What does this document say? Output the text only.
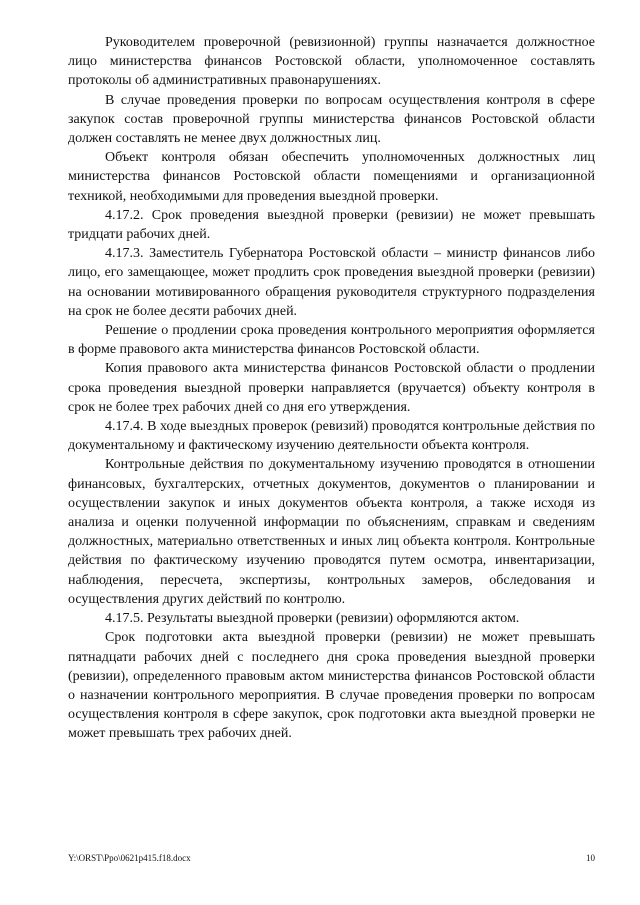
Руководителем проверочной (ревизионной) группы назначается должностное лицо министерства финансов Ростовской области, уполномоченное составлять протоколы об административных правонарушениях.

В случае проведения проверки по вопросам осуществления контроля в сфере закупок состав проверочной группы министерства финансов Ростовской области должен составлять не менее двух должностных лиц.

Объект контроля обязан обеспечить уполномоченных должностных лиц министерства финансов Ростовской области помещениями и организационной техникой, необходимыми для проведения выездной проверки.

4.17.2. Срок проведения выездной проверки (ревизии) не может превышать тридцати рабочих дней.

4.17.3. Заместитель Губернатора Ростовской области – министр финансов либо лицо, его замещающее, может продлить срок проведения выездной проверки (ревизии) на основании мотивированного обращения руководителя структурного подразделения на срок не более десяти рабочих дней.

Решение о продлении срока проведения контрольного мероприятия оформляется в форме правового акта министерства финансов Ростовской области.

Копия правового акта министерства финансов Ростовской области о продлении срока проведения выездной проверки направляется (вручается) объекту контроля в срок не более трех рабочих дней со дня его утверждения.

4.17.4. В ходе выездных проверок (ревизий) проводятся контрольные действия по документальному и фактическому изучению деятельности объекта контроля.

Контрольные действия по документальному изучению проводятся в отношении финансовых, бухгалтерских, отчетных документов, документов о планировании и осуществлении закупок и иных документов объекта контроля, а также исходя из анализа и оценки полученной информации по объяснениям, справкам и сведениям должностных, материально ответственных и иных лиц объекта контроля. Контрольные действия по фактическому изучению проводятся путем осмотра, инвентаризации, наблюдения, пересчета, экспертизы, контрольных замеров, обследования и осуществления других действий по контролю.

4.17.5. Результаты выездной проверки (ревизии) оформляются актом.

Срок подготовки акта выездной проверки (ревизии) не может превышать пятнадцати рабочих дней с последнего дня срока проведения выездной проверки (ревизии), определенного правовым актом министерства финансов Ростовской области о назначении контрольного мероприятия. В случае проведения проверки по вопросам осуществления контроля в сфере закупок, срок подготовки акта выездной проверки не может превышать трех рабочих дней.

Y:\ORST\Ppo\0621p415.f18.docx	10
